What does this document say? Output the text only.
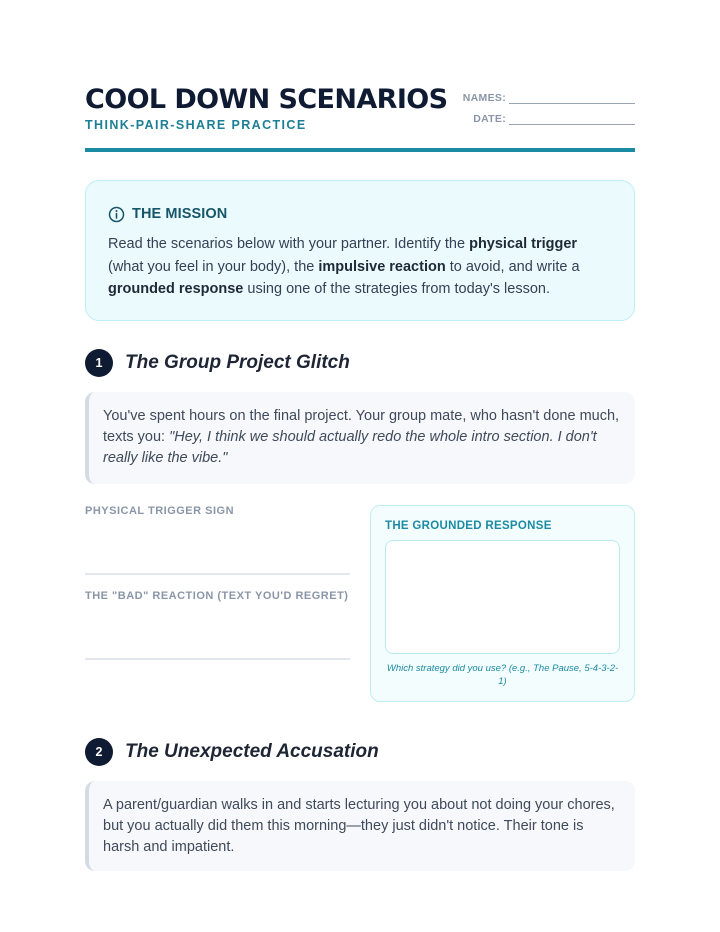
COOL DOWN SCENARIOS
THINK-PAIR-SHARE PRACTICE
NAMES:
DATE:
THE MISSION
Read the scenarios below with your partner. Identify the physical trigger (what you feel in your body), the impulsive reaction to avoid, and write a grounded response using one of the strategies from today's lesson.
1	The Group Project Glitch
You've spent hours on the final project. Your group mate, who hasn't done much, texts you: "Hey, I think we should actually redo the whole intro section. I don't really like the vibe."
PHYSICAL TRIGGER SIGN
THE "BAD" REACTION (TEXT YOU'D REGRET)
THE GROUNDED RESPONSE
Which strategy did you use? (e.g., The Pause, 5-4-3-2-1)
2	The Unexpected Accusation
A parent/guardian walks in and starts lecturing you about not doing your chores, but you actually did them this morning—they just didn't notice. Their tone is harsh and impatient.
